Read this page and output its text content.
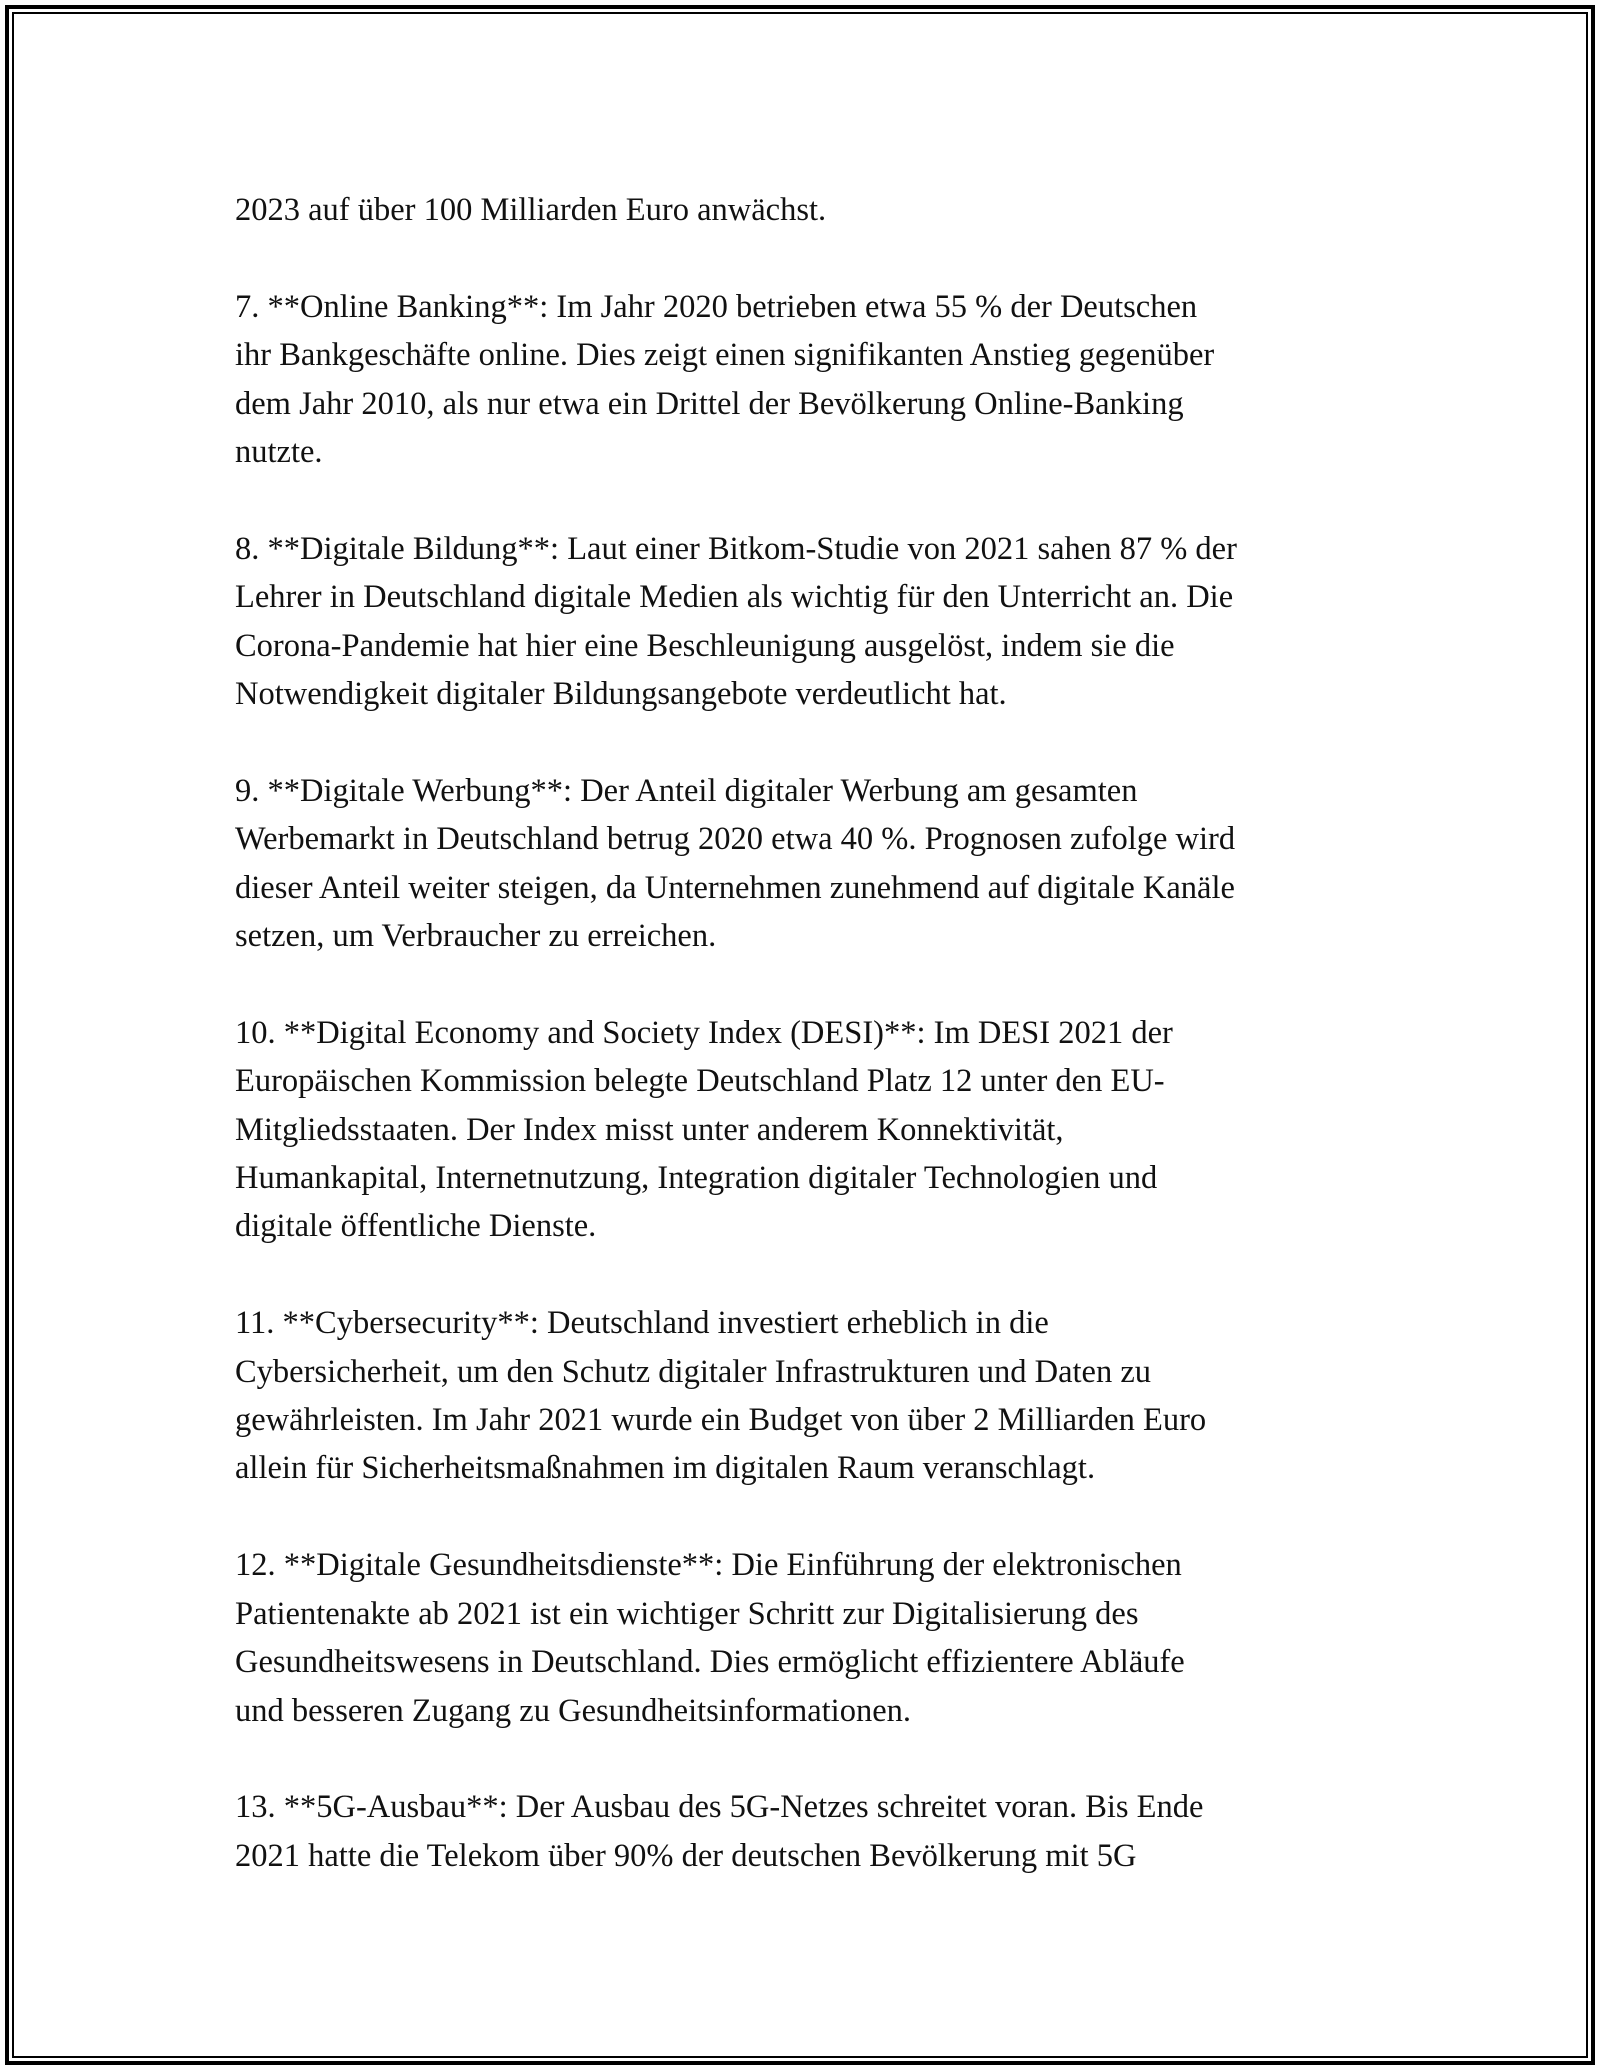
2023 auf über 100 Milliarden Euro anwächst.

7. **Online Banking**: Im Jahr 2020 betrieben etwa 55 % der Deutschen
ihr Bankgeschäfte online. Dies zeigt einen signifikanten Anstieg gegenüber
dem Jahr 2010, als nur etwa ein Drittel der Bevölkerung Online-Banking
nutzte.

8. **Digitale Bildung**: Laut einer Bitkom-Studie von 2021 sahen 87 % der
Lehrer in Deutschland digitale Medien als wichtig für den Unterricht an. Die
Corona-Pandemie hat hier eine Beschleunigung ausgelöst, indem sie die
Notwendigkeit digitaler Bildungsangebote verdeutlicht hat.

9. **Digitale Werbung**: Der Anteil digitaler Werbung am gesamten
Werbemarkt in Deutschland betrug 2020 etwa 40 %. Prognosen zufolge wird
dieser Anteil weiter steigen, da Unternehmen zunehmend auf digitale Kanäle
setzen, um Verbraucher zu erreichen.

10. **Digital Economy and Society Index (DESI)**: Im DESI 2021 der
Europäischen Kommission belegte Deutschland Platz 12 unter den EU-
Mitgliedsstaaten. Der Index misst unter anderem Konnektivität,
Humankapital, Internetnutzung, Integration digitaler Technologien und
digitale öffentliche Dienste.

11. **Cybersecurity**: Deutschland investiert erheblich in die
Cybersicherheit, um den Schutz digitaler Infrastrukturen und Daten zu
gewährleisten. Im Jahr 2021 wurde ein Budget von über 2 Milliarden Euro
allein für Sicherheitsmaßnahmen im digitalen Raum veranschlagt.

12. **Digitale Gesundheitsdienste**: Die Einführung der elektronischen
Patientenakte ab 2021 ist ein wichtiger Schritt zur Digitalisierung des
Gesundheitswesens in Deutschland. Dies ermöglicht effizientere Abläufe
und besseren Zugang zu Gesundheitsinformationen.

13. **5G-Ausbau**: Der Ausbau des 5G-Netzes schreitet voran. Bis Ende
2021 hatte die Telekom über 90% der deutschen Bevölkerung mit 5G
